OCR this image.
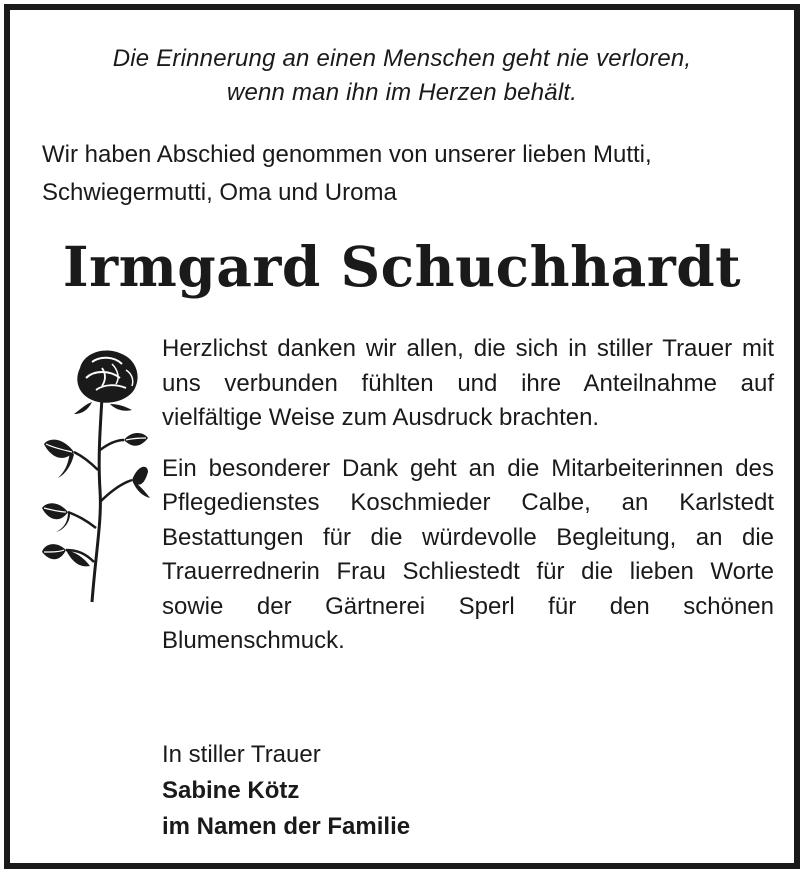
Die Erinnerung an einen Menschen geht nie verloren,
wenn man ihn im Herzen behält.
Wir haben Abschied genommen von unserer lieben Mutti,
Schwiegermutti, Oma und Uroma
Irmgard Schuchhardt
Herzlichst danken wir allen, die sich in stiller Trauer mit uns verbunden fühlten und ihre Anteilnahme auf vielfältige Weise zum Ausdruck brachten.
Ein besonderer Dank geht an die Mitarbeiterinnen des Pflegedienstes Koschmieder Calbe, an Karlstedt Bestattungen für die würdevolle Begleitung, an die Trauerrednerin Frau Schliestedt für die lieben Worte sowie der Gärtnerei Sperl für den schönen Blumenschmuck.
In stiller Trauer
Sabine Kötz
im Namen der Familie
